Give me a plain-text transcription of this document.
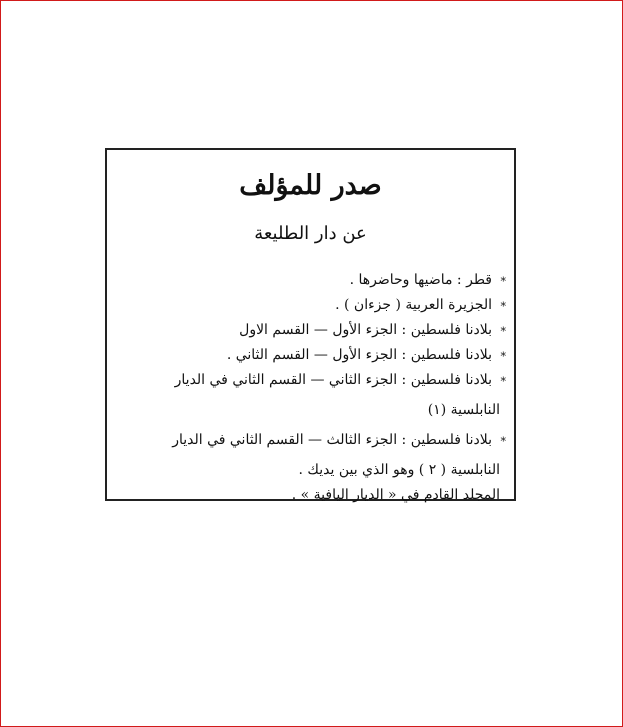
صدر للمؤلف
عن دار الطليعة
*
قطر : ماضيها وحاضرها .
*
الجزيرة العربية ( جزءان ) .
*
بلادنا فلسطين : الجزء الأول — القسم الاول
*
بلادنا فلسطين : الجزء الأول — القسم الثاني .
*
بلادنا فلسطين : الجزء الثاني — القسم الثاني في الديار
النابلسية (١)
*
بلادنا فلسطين : الجزء الثالث — القسم الثاني في الديار
النابلسية ( ٢ ) وهو الذي بين يديك .
المجلد القادم في « الديار اليافية » .
